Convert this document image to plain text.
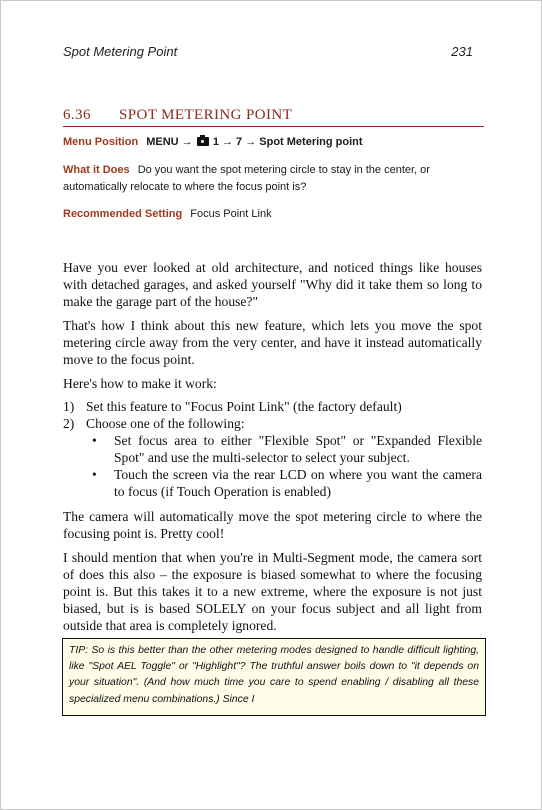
Spot Metering Point	231
6.36 SPOT METERING POINT
Menu Position MENU → 1 → 7 → Spot Metering point
What it Does Do you want the spot metering circle to stay in the center, or automatically relocate to where the focus point is?
Recommended Setting Focus Point Link

Have you ever looked at old architecture, and noticed things like houses with detached garages, and asked yourself "Why did it take them so long to make the garage part of the house?"

That's how I think about this new feature, which lets you move the spot metering circle away from the very center, and have it instead automatically move to the focus point.

Here's how to make it work:

1) Set this feature to "Focus Point Link" (the factory default)
2) Choose one of the following:
• Set focus area to either "Flexible Spot" or "Expanded Flexible Spot" and use the multi-selector to select your subject.
• Touch the screen via the rear LCD on where you want the camera to focus (if Touch Operation is enabled)

The camera will automatically move the spot metering circle to where the focusing point is. Pretty cool!

I should mention that when you're in Multi-Segment mode, the camera sort of does this also – the exposure is biased somewhat to where the focusing point is. But this takes it to a new extreme, where the exposure is not just biased, but is is based SOLELY on your focus subject and all light from outside that area is completely ignored.

TIP: So is this better than the other metering modes designed to handle difficult lighting, like "Spot AEL Toggle" or "Highlight"? The truthful answer boils down to "it depends on your situation". (And how much time you care to spend enabling / disabling all these specialized menu combinations.) Since I
